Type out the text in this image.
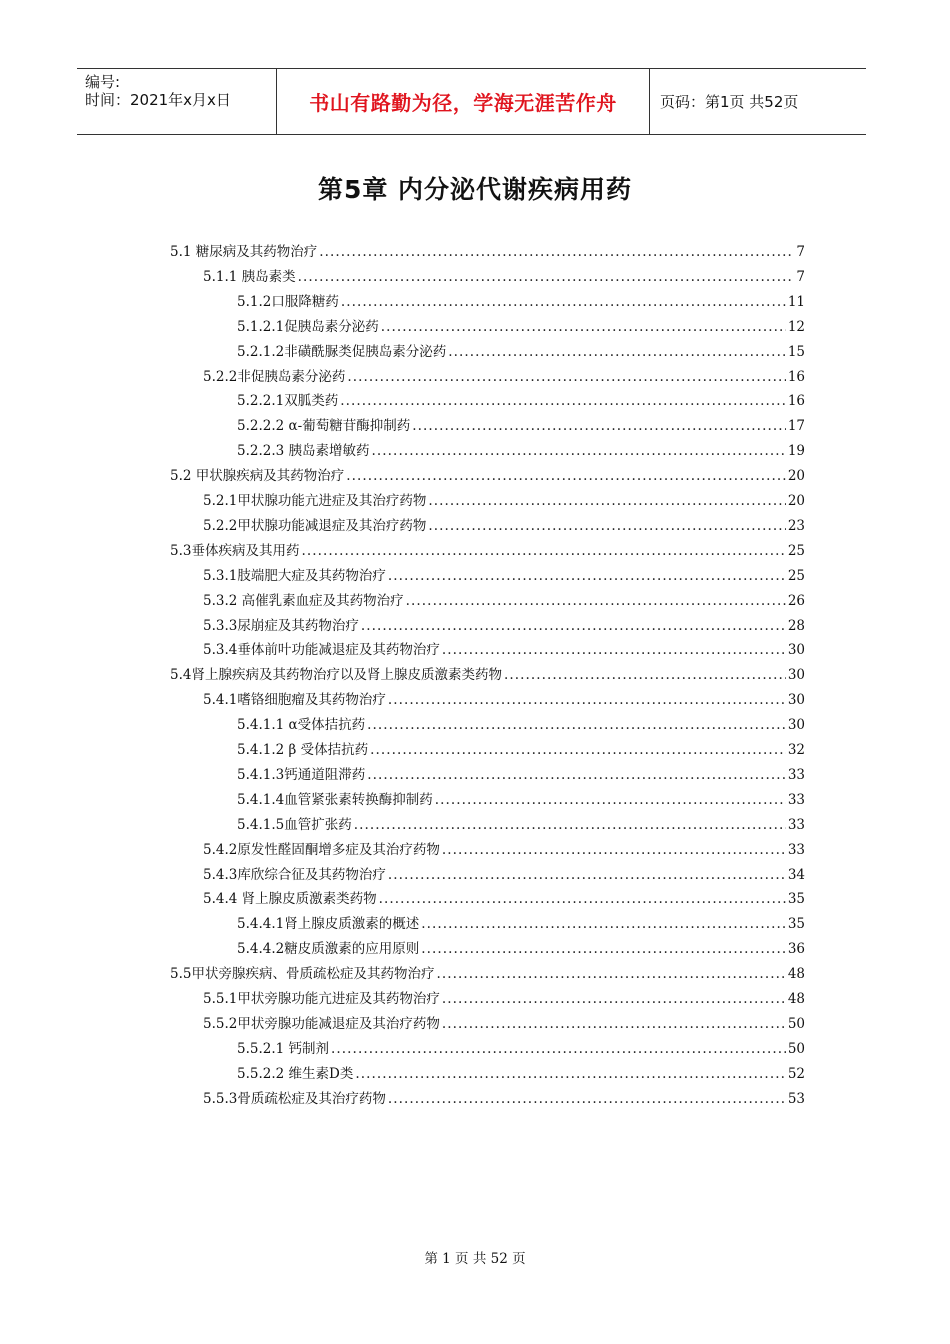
编号:
时间：2021年x月x日	书山有路勤为径，学海无涯苦作舟	页码：第1页 共52页
第5章 内分泌代谢疾病用药
5.1 糖尿病及其药物治疗 . . .	7
5.1.1 胰岛素类 . . .	7
5.1.2口服降糖药 . . .	11
5.1.2.1促胰岛素分泌药 . . .	12
5.2.1.2非磺酰脲类促胰岛素分泌药 . . .	15
5.2.2非促胰岛素分泌药 . . .	16
5.2.2.1双胍类药 . . .	16
5.2.2.2 α-葡萄糖苷酶抑制药 . . .	17
5.2.2.3 胰岛素增敏药 . . .	19
5.2 甲状腺疾病及其药物治疗 . . .	20
5.2.1甲状腺功能亢进症及其治疗药物 . . .	20
5.2.2甲状腺功能减退症及其治疗药物 . . .	23
5.3垂体疾病及其用药 . . .	25
5.3.1肢端肥大症及其药物治疗 . . .	25
5.3.2 高催乳素血症及其药物治疗 . . .	26
5.3.3尿崩症及其药物治疗 . . .	28
5.3.4垂体前叶功能减退症及其药物治疗 . . .	30
5.4肾上腺疾病及其药物治疗以及肾上腺皮质激素类药物 . . .	30
5.4.1嗜铬细胞瘤及其药物治疗 . . .	30
5.4.1.1 α受体拮抗药 . . .	30
5.4.1.2 β 受体拮抗药 . . .	32
5.4.1.3钙通道阻滞药 . . .	33
5.4.1.4血管紧张素转换酶抑制药 . . .	33
5.4.1.5血管扩张药 . . .	33
5.4.2原发性醛固酮增多症及其治疗药物 . . .	33
5.4.3库欣综合征及其药物治疗 . . .	34
5.4.4 肾上腺皮质激素类药物 . . .	35
5.4.4.1肾上腺皮质激素的概述 . . .	35
5.4.4.2糖皮质激素的应用原则 . . .	36
5.5甲状旁腺疾病、骨质疏松症及其药物治疗 . . .	48
5.5.1甲状旁腺功能亢进症及其药物治疗 . . .	48
5.5.2甲状旁腺功能减退症及其治疗药物 . . .	50
5.5.2.1 钙制剂 . . .	50
5.5.2.2 维生素D类 . . .	52
5.5.3骨质疏松症及其治疗药物 . . .	53
第 1 页 共 52 页
